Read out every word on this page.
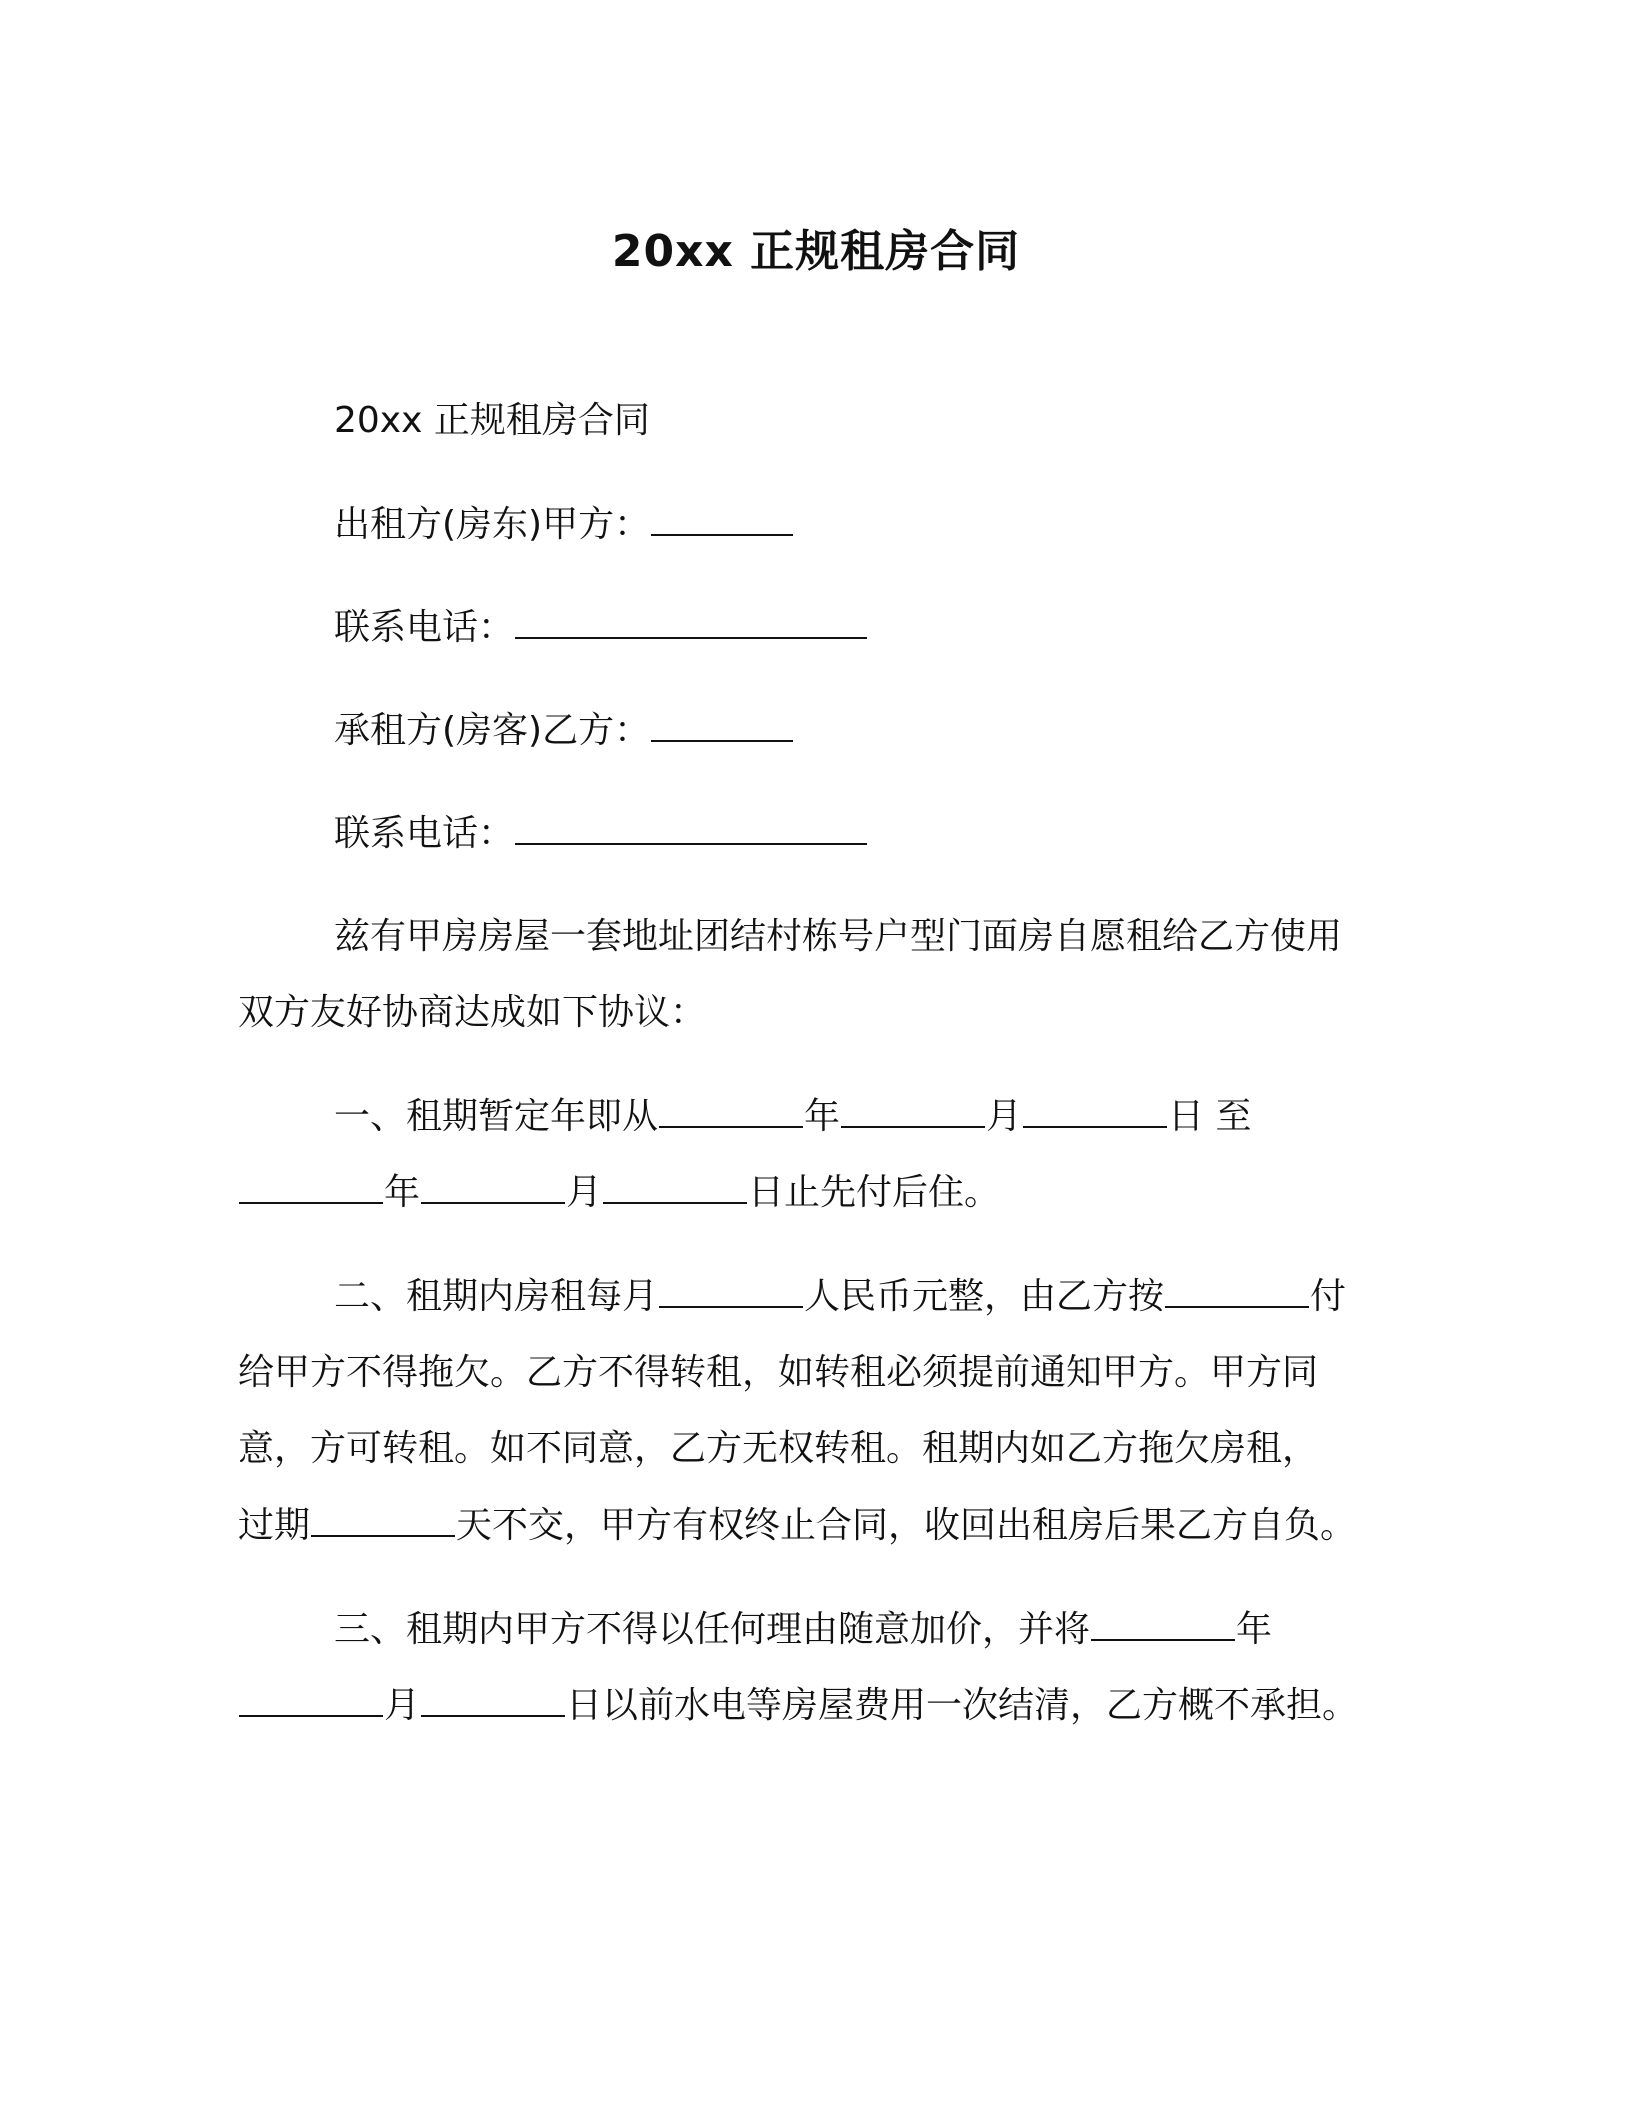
20xx 正规租房合同
20xx 正规租房合同
出租方(房东)甲方：
联系电话：
承租方(房客)乙方：
联系电话：
兹有甲房房屋一套地址团结村栋号户型门面房自愿租给乙方使用
双方友好协商达成如下协议：
一、租期暂定年即从	年	月	日 至
年	月	日止先付后住。
二、租期内房租每月	人民币元整，由乙方按	付
给甲方不得拖欠。乙方不得转租，如转租必须提前通知甲方。甲方同
意，方可转租。如不同意，乙方无权转租。租期内如乙方拖欠房租，
过期	天不交，甲方有权终止合同，收回出租房后果乙方自负。
三、租期内甲方不得以任何理由随意加价，并将	年
月	日以前水电等房屋费用一次结清，乙方概不承担。
